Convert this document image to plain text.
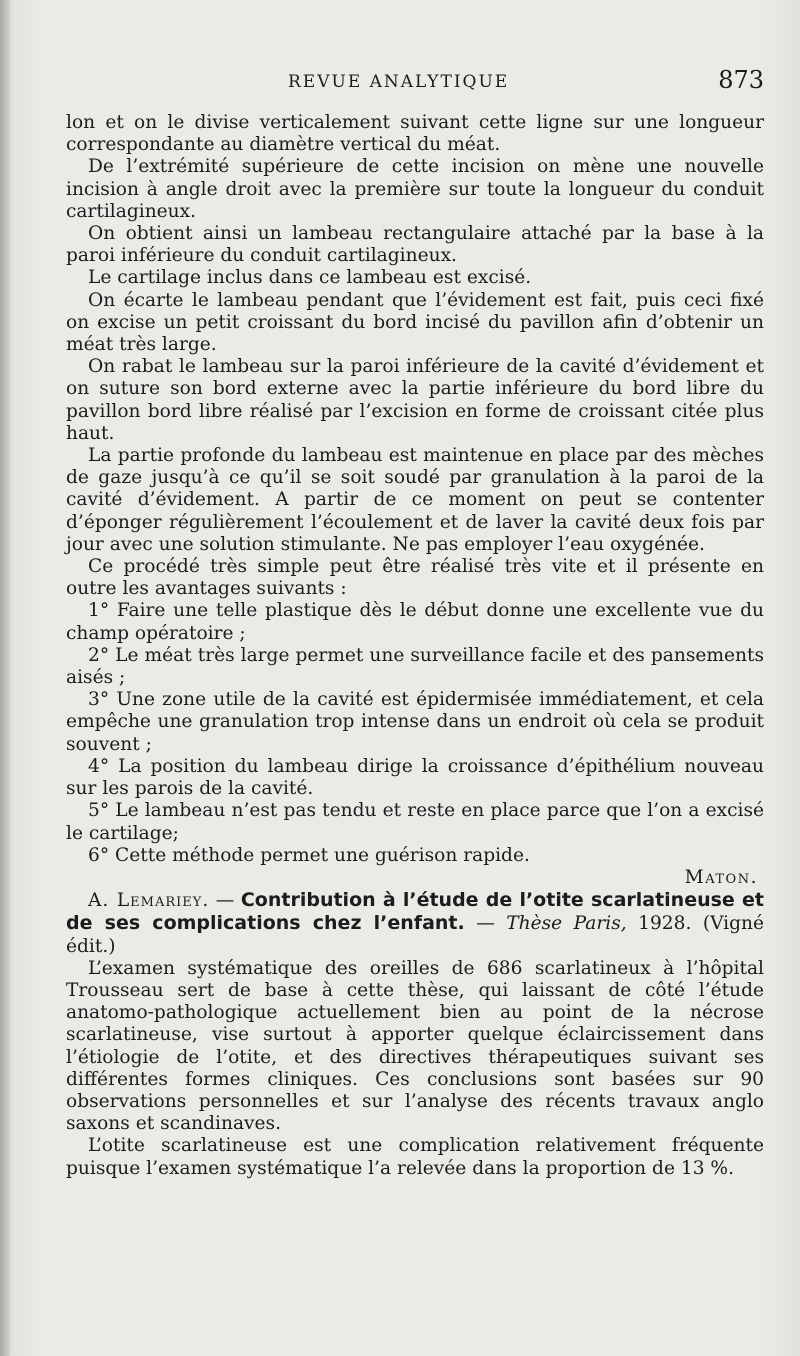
REVUE ANALYTIQUE	873

lon et on le divise verticalement suivant cette ligne sur une longueur correspondante au diamètre vertical du méat.

De l’extrémité supérieure de cette incision on mène une nouvelle incision à angle droit avec la première sur toute la longueur du conduit cartilagineux.

On obtient ainsi un lambeau rectangulaire attaché par la base à la paroi inférieure du conduit cartilagineux.

Le cartilage inclus dans ce lambeau est excisé.

On écarte le lambeau pendant que l’évidement est fait, puis ceci fixé on excise un petit croissant du bord incisé du pavillon afin d’obtenir un méat très large.

On rabat le lambeau sur la paroi inférieure de la cavité d’évidement et on suture son bord externe avec la partie inférieure du bord libre du pavillon bord libre réalisé par l’excision en forme de croissant citée plus haut.

La partie profonde du lambeau est maintenue en place par des mèches de gaze jusqu’à ce qu’il se soit soudé par granulation à la paroi de la cavité d’évidement. A partir de ce moment on peut se contenter d’éponger régulièrement l’écoulement et de laver la cavité deux fois par jour avec une solution stimulante. Ne pas employer l’eau oxygénée.

Ce procédé très simple peut être réalisé très vite et il présente en outre les avantages suivants :

1° Faire une telle plastique dès le début donne une excellente vue du champ opératoire ;

2° Le méat très large permet une surveillance facile et des pansements aisés ;

3° Une zone utile de la cavité est épidermisée immédiatement, et cela empêche une granulation trop intense dans un endroit où cela se produit souvent ;

4° La position du lambeau dirige la croissance d’épithélium nouveau sur les parois de la cavité.

5° Le lambeau n’est pas tendu et reste en place parce que l’on a excisé le cartilage;

6° Cette méthode permet une guérison rapide.

Maton.

A. Lemariey. — Contribution à l’étude de l’otite scarlatineuse et de ses complications chez l’enfant. — Thèse Paris, 1928. (Vigné édit.)

L’examen systématique des oreilles de 686 scarlatineux à l’hôpital Trousseau sert de base à cette thèse, qui laissant de côté l’étude anatomo-pathologique actuellement bien au point de la nécrose scarlatineuse, vise surtout à apporter quelque éclaircissement dans l’étiologie de l’otite, et des directives thérapeutiques suivant ses différentes formes cliniques. Ces conclusions sont basées sur 90 observations personnelles et sur l’analyse des récents travaux anglo saxons et scandinaves.

L’otite scarlatineuse est une complication relativement fréquente puisque l’examen systématique l’a relevée dans la proportion de 13 %.
